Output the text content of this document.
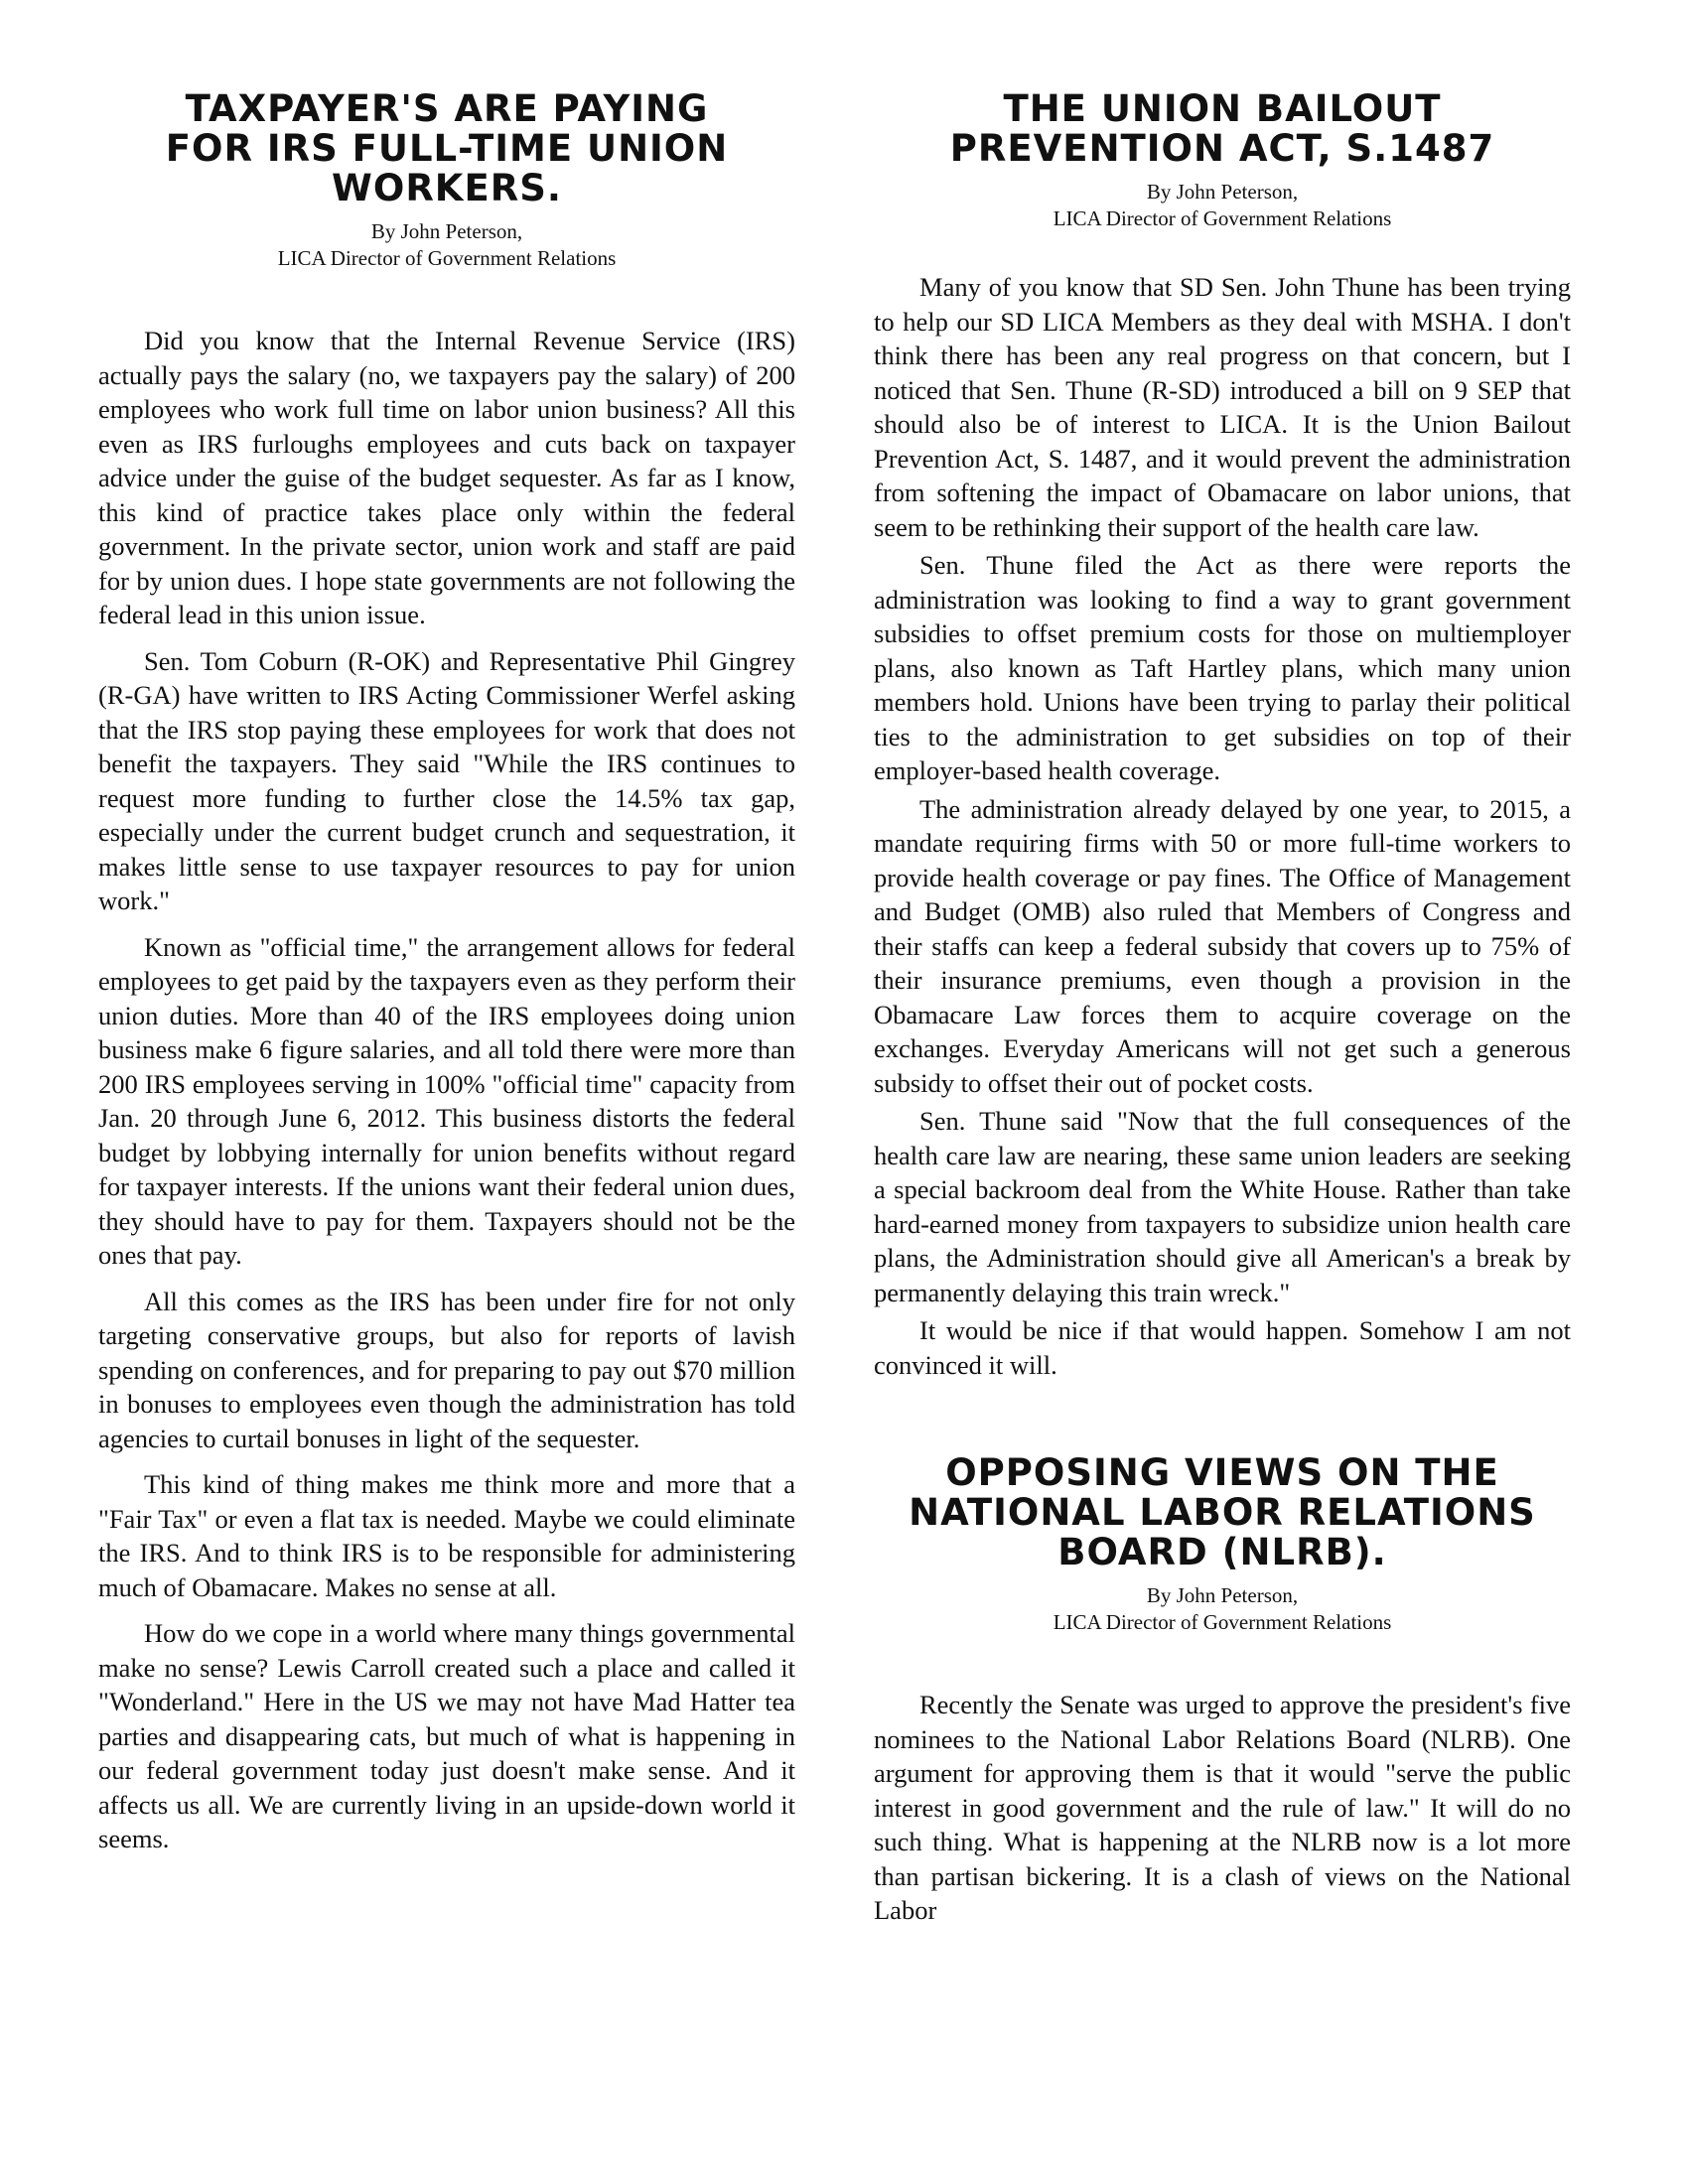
TAXPAYER'S ARE PAYING
FOR IRS FULL-TIME UNION
WORKERS.
By John Peterson,
LICA Director of Government Relations

Did you know that the Internal Revenue Service (IRS) actually pays the salary (no, we taxpayers pay the salary) of 200 employees who work full time on labor union business? All this even as IRS furloughs employees and cuts back on taxpayer advice under the guise of the budget sequester. As far as I know, this kind of practice takes place only within the federal government. In the private sector, union work and staff are paid for by union dues. I hope state governments are not following the federal lead in this union issue.

Sen. Tom Coburn (R-OK) and Representative Phil Gingrey (R-GA) have written to IRS Acting Commissioner Werfel asking that the IRS stop paying these employees for work that does not benefit the taxpayers. They said "While the IRS continues to request more funding to further close the 14.5% tax gap, especially under the current budget crunch and sequestration, it makes little sense to use taxpayer resources to pay for union work."

Known as "official time," the arrangement allows for federal employees to get paid by the taxpayers even as they perform their union duties. More than 40 of the IRS employees doing union business make 6 figure salaries, and all told there were more than 200 IRS employees serving in 100% "official time" capacity from Jan. 20 through June 6, 2012. This business distorts the federal budget by lobbying internally for union benefits without regard for taxpayer interests. If the unions want their federal union dues, they should have to pay for them. Taxpayers should not be the ones that pay.

All this comes as the IRS has been under fire for not only targeting conservative groups, but also for reports of lavish spending on conferences, and for preparing to pay out $70 million in bonuses to employees even though the administration has told agencies to curtail bonuses in light of the sequester.

This kind of thing makes me think more and more that a "Fair Tax" or even a flat tax is needed. Maybe we could eliminate the IRS. And to think IRS is to be responsible for administering much of Obamacare. Makes no sense at all.

How do we cope in a world where many things governmental make no sense? Lewis Carroll created such a place and called it "Wonderland." Here in the US we may not have Mad Hatter tea parties and disappearing cats, but much of what is happening in our federal government today just doesn't make sense. And it affects us all. We are currently living in an upside-down world it seems.

THE UNION BAILOUT
PREVENTION ACT, S.1487
By John Peterson,
LICA Director of Government Relations

Many of you know that SD Sen. John Thune has been trying to help our SD LICA Members as they deal with MSHA. I don't think there has been any real progress on that concern, but I noticed that Sen. Thune (R-SD) introduced a bill on 9 SEP that should also be of interest to LICA. It is the Union Bailout Prevention Act, S. 1487, and it would prevent the administration from softening the impact of Obamacare on labor unions, that seem to be rethinking their support of the health care law.

Sen. Thune filed the Act as there were reports the administration was looking to find a way to grant government subsidies to offset premium costs for those on multiemployer plans, also known as Taft Hartley plans, which many union members hold. Unions have been trying to parlay their political ties to the administration to get subsidies on top of their employer-based health coverage.

The administration already delayed by one year, to 2015, a mandate requiring firms with 50 or more full-time workers to provide health coverage or pay fines. The Office of Management and Budget (OMB) also ruled that Members of Congress and their staffs can keep a federal subsidy that covers up to 75% of their insurance premiums, even though a provision in the Obamacare Law forces them to acquire coverage on the exchanges. Everyday Americans will not get such a generous subsidy to offset their out of pocket costs.

Sen. Thune said "Now that the full consequences of the health care law are nearing, these same union leaders are seeking a special backroom deal from the White House. Rather than take hard-earned money from taxpayers to subsidize union health care plans, the Administration should give all American's a break by permanently delaying this train wreck."

It would be nice if that would happen. Somehow I am not convinced it will.

OPPOSING VIEWS ON THE
NATIONAL LABOR RELATIONS
BOARD (NLRB).
By John Peterson,
LICA Director of Government Relations

Recently the Senate was urged to approve the president's five nominees to the National Labor Relations Board (NLRB). One argument for approving them is that it would "serve the public interest in good government and the rule of law." It will do no such thing. What is happening at the NLRB now is a lot more than partisan bickering. It is a clash of views on the National Labor
